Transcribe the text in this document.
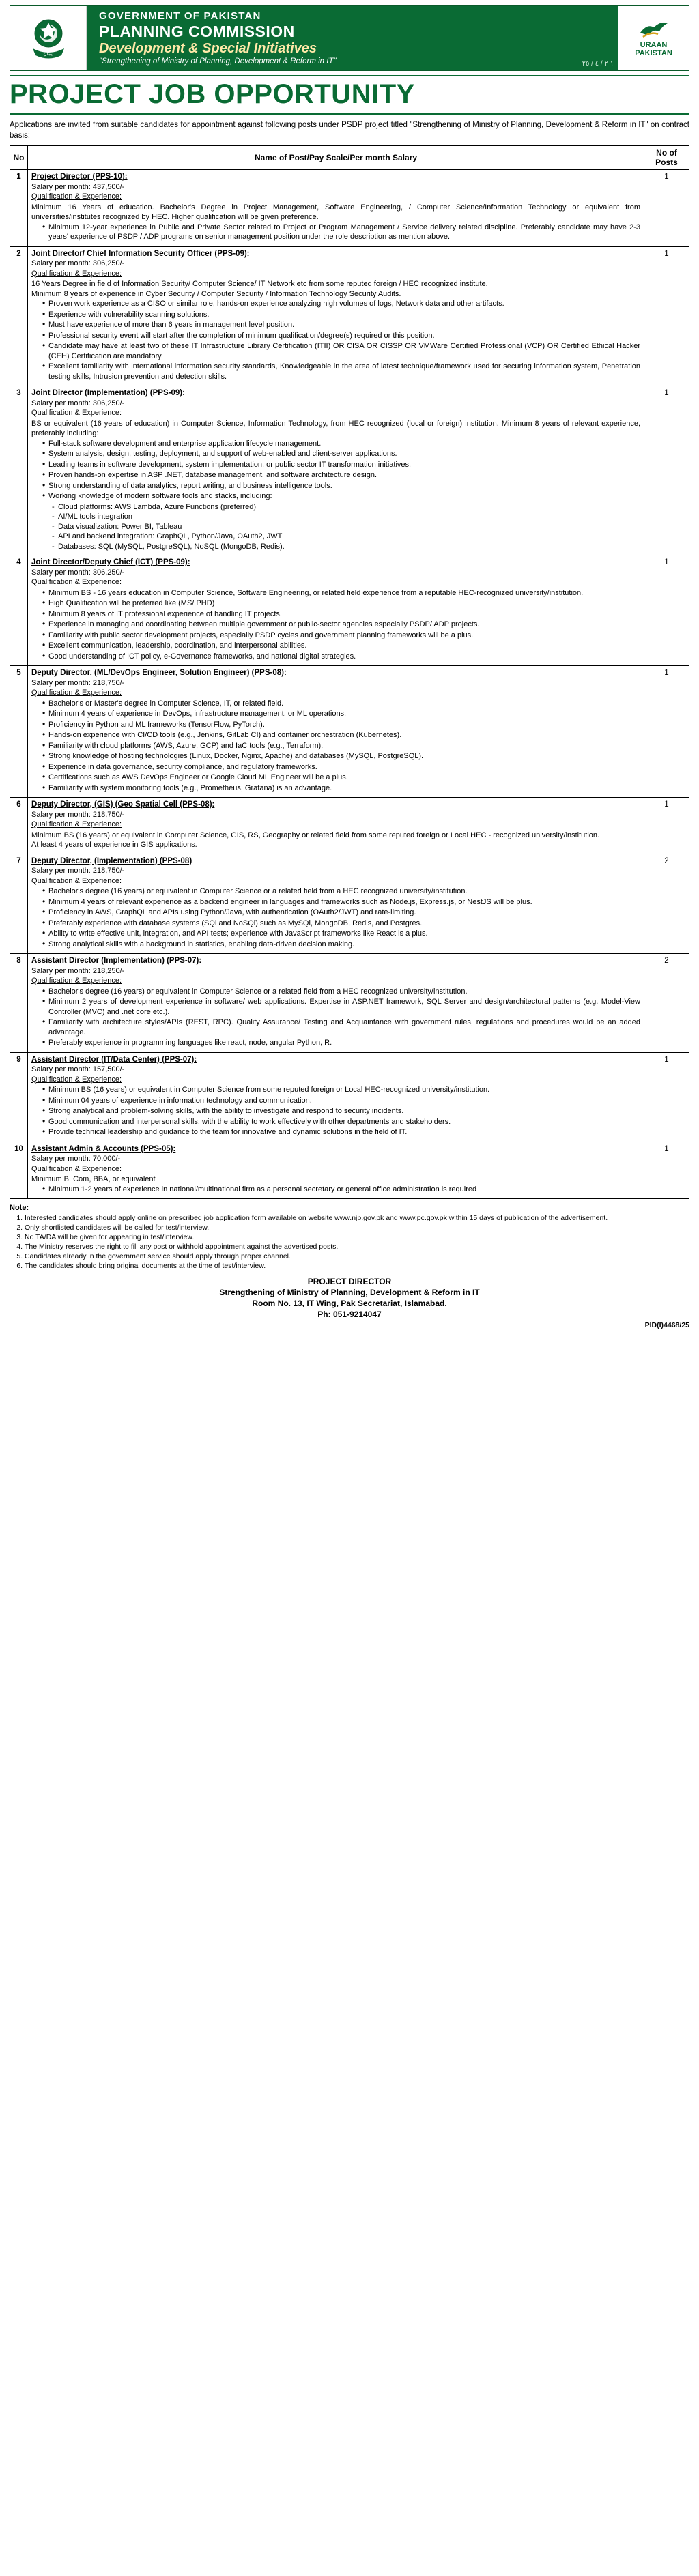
ایمان
GOVERNMENT OF PAKISTAN
PLANNING COMMISSION
Development & Special Initiatives
"Strengthening of Ministry of Planning, Development & Reform in IT"	١ ٢ / ٤ / ٢٥
URAAN
PAKISTAN
PROJECT JOB OPPORTUNITY
Applications are invited from suitable candidates for appointment against following posts under PSDP project titled "Strengthening of Ministry of Planning, Development & Reform in IT" on contract basis:
No	Name of Post/Pay Scale/Per month Salary	No of Posts
1	Project Director (PPS-10):
Salary per month: 437,500/-
Qualification & Experience:
Minimum 16 Years of education. Bachelor's Degree in Project Management, Software Engineering, / Computer Science/Information Technology or equivalent from universities/institutes recognized by HEC. Higher qualification will be given preference.
• Minimum 12-year experience in Public and Private Sector related to Project or Program Management / Service delivery related discipline. Preferably candidate may have 2-3 years' experience of PSDP / ADP programs on senior management position under the role description as mention above.
	1
2	Joint Director/ Chief Information Security Officer (PPS-09):
Salary per month: 306,250/-
Qualification & Experience:
16 Years Degree in field of Information Security/ Computer Science/ IT Network etc from some reputed foreign / HEC recognized institute.
Minimum 8 years of experience in Cyber Security / Computer Security / Information Technology Security Audits.
• Proven work experience as a CISO or similar role, hands-on experience analyzing high volumes of logs, Network data and other artifacts.
• Experience with vulnerability scanning solutions.
• Must have experience of more than 6 years in management level position.
• Professional security event will start after the completion of minimum qualification/degree(s) required or this position.
• Candidate may have at least two of these IT Infrastructure Library Certification (ITII) OR CISA OR CISSP OR VMWare Certified Professional (VCP) OR Certified Ethical Hacker (CEH) Certification are mandatory.
• Excellent familiarity with international information security standards, Knowledgeable in the area of latest technique/framework used for securing information system, Penetration testing skills, Intrusion prevention and detection skills.
	1
3	Joint Director (Implementation) (PPS-09):
Salary per month: 306,250/-
Qualification & Experience:
BS or equivalent (16 years of education) in Computer Science, Information Technology, from HEC recognized (local or foreign) institution. Minimum 8 years of relevant experience, preferably including:
• Full-stack software development and enterprise application lifecycle management.
• System analysis, design, testing, deployment, and support of web-enabled and client-server applications.
• Leading teams in software development, system implementation, or public sector IT transformation initiatives.
• Proven hands-on expertise in ASP .NET, database management, and software architecture design.
• Strong understanding of data analytics, report writing, and business intelligence tools.
• Working knowledge of modern software tools and stacks, including:
- Cloud platforms: AWS Lambda, Azure Functions (preferred)
- AI/ML tools integration
- Data visualization: Power BI, Tableau
- API and backend integration: GraphQL, Python/Java, OAuth2, JWT
- Databases: SQL (MySQL, PostgreSQL), NoSQL (MongoDB, Redis).
	1
4	Joint Director/Deputy Chief (ICT) (PPS-09):
Salary per month: 306,250/-
Qualification & Experience:
• Minimum BS - 16 years education in Computer Science, Software Engineering, or related field experience from a reputable HEC-recognized university/institution.
• High Qualification will be preferred like (MS/ PHD)
• Minimum 8 years of IT professional experience of handling IT projects.
• Experience in managing and coordinating between multiple government or public-sector agencies especially PSDP/ ADP projects.
• Familiarity with public sector development projects, especially PSDP cycles and government planning frameworks will be a plus.
• Excellent communication, leadership, coordination, and interpersonal abilities.
• Good understanding of ICT policy, e-Governance frameworks, and national digital strategies.
	1
5	Deputy Director, (ML/DevOps Engineer, Solution Engineer) (PPS-08):
Salary per month: 218,750/-
Qualification & Experience:
• Bachelor's or Master's degree in Computer Science, IT, or related field.
• Minimum 4 years of experience in DevOps, infrastructure management, or ML operations.
• Proficiency in Python and ML frameworks (TensorFlow, PyTorch).
• Hands-on experience with CI/CD tools (e.g., Jenkins, GitLab CI) and container orchestration (Kubernetes).
• Familiarity with cloud platforms (AWS, Azure, GCP) and IaC tools (e.g., Terraform).
• Strong knowledge of hosting technologies (Linux, Docker, Nginx, Apache) and databases (MySQL, PostgreSQL).
• Experience in data governance, security compliance, and regulatory frameworks.
• Certifications such as AWS DevOps Engineer or Google Cloud ML Engineer will be a plus.
• Familiarity with system monitoring tools (e.g., Prometheus, Grafana) is an advantage.
	1
6	Deputy Director, (GIS) (Geo Spatial Cell (PPS-08):
Salary per month: 218,750/-
Qualification & Experience:
Minimum BS (16 years) or equivalent in Computer Science, GIS, RS, Geography or related field from some reputed foreign or Local HEC - recognized university/institution.
At least 4 years of experience in GIS applications.	1
7	Deputy Director, (Implementation) (PPS-08)
Salary per month: 218,750/-
Qualification & Experience:
• Bachelor's degree (16 years) or equivalent in Computer Science or a related field from a HEC recognized university/institution.
• Minimum 4 years of relevant experience as a backend engineer in languages and frameworks such as Node.js, Express.js, or NestJS will be plus.
• Proficiency in AWS, GraphQL and APIs using Python/Java, with authentication (OAuth2/JWT) and rate-limiting.
• Preferably experience with database systems (SQl and NoSQl) such as MySQl, MongoDB, Redis, and Postgres.
• Ability to write effective unit, integration, and API tests; experience with JavaScript frameworks like React is a plus.
• Strong analytical skills with a background in statistics, enabling data-driven decision making.
	2
8	Assistant Director (Implementation) (PPS-07):
Salary per month: 218,250/-
Qualification & Experience:
• Bachelor's degree (16 years) or equivalent in Computer Science or a related field from a HEC recognized university/institution.
• Minimum 2 years of development experience in software/ web applications. Expertise in ASP.NET framework, SQL Server and design/architectural patterns (e.g. Model-View Controller (MVC) and .net core etc.).
• Familiarity with architecture styles/APIs (REST, RPC). Quality Assurance/ Testing and Acquaintance with government rules, regulations and procedures would be an added advantage.
• Preferably experience in programming languages like react, node, angular Python, R.
	2
9	Assistant Director (IT/Data Center) (PPS-07):
Salary per month: 157,500/-
Qualification & Experience:
• Minimum BS (16 years) or equivalent in Computer Science from some reputed foreign or Local HEC-recognized university/institution.
• Minimum 04 years of experience in information technology and communication.
• Strong analytical and problem-solving skills, with the ability to investigate and respond to security incidents.
• Good communication and interpersonal skills, with the ability to work effectively with other departments and stakeholders.
• Provide technical leadership and guidance to the team for innovative and dynamic solutions in the field of IT.
	1
10	Assistant Admin & Accounts (PPS-05):
Salary per month: 70,000/-
Qualification & Experience:
Minimum B. Com, BBA, or equivalent
• Minimum 1-2 years of experience in national/multinational firm as a personal secretary or general office administration is required
	1
Note:
1. Interested candidates should apply online on prescribed job application form available on website www.njp.gov.pk and www.pc.gov.pk within 15 days of publication of the advertisement.
2. Only shortlisted candidates will be called for test/interview.
3. No TA/DA will be given for appearing in test/interview.
4. The Ministry reserves the right to fill any post or withhold appointment against the advertised posts.
5. Candidates already in the government service should apply through proper channel.
6. The candidates should bring original documents at the time of test/interview.
PROJECT DIRECTOR
Strengthening of Ministry of Planning, Development & Reform in IT
Room No. 13, IT Wing, Pak Secretariat, Islamabad.
Ph: 051-9214047
PID(I)4468/25
